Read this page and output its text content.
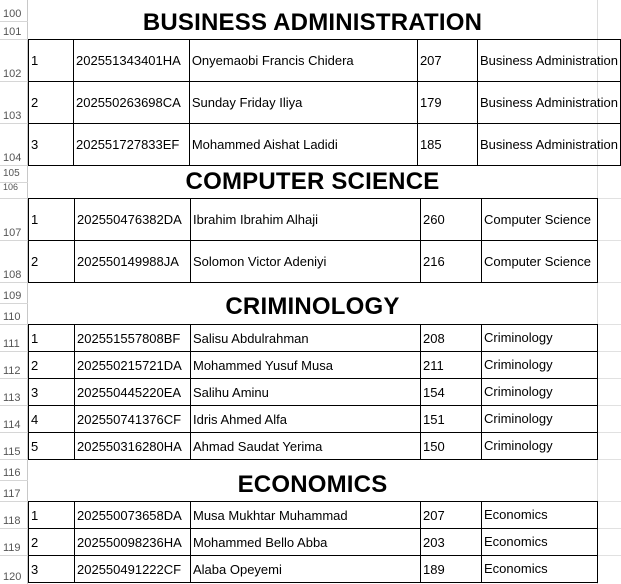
100
101
102
103
104
105
106
107
108
109
110
111
112
113
114
115
116
117
118
119
120
BUSINESS ADMINISTRATION
1	202551343401HA	Onyemaobi Francis Chidera	207	Business Administration
2	202550263698CA	Sunday Friday Iliya	179	Business Administration
3	202551727833EF	Mohammed Aishat Ladidi	185	Business Administration
COMPUTER SCIENCE
1	202550476382DA	Ibrahim Ibrahim Alhaji	260	Computer Science
2	202550149988JA	Solomon Victor Adeniyi	216	Computer Science
CRIMINOLOGY
1	202551557808BF	Salisu Abdulrahman	208	Criminology
2	202550215721DA	Mohammed Yusuf Musa	211	Criminology
3	202550445220EA	Salihu Aminu	154	Criminology
4	202550741376CF	Idris Ahmed Alfa	151	Criminology
5	202550316280HA	Ahmad Saudat Yerima	150	Criminology
ECONOMICS
1	202550073658DA	Musa Mukhtar Muhammad	207	Economics
2	202550098236HA	Mohammed Bello Abba	203	Economics
3	202550491222CF	Alaba Opeyemi	189	Economics
